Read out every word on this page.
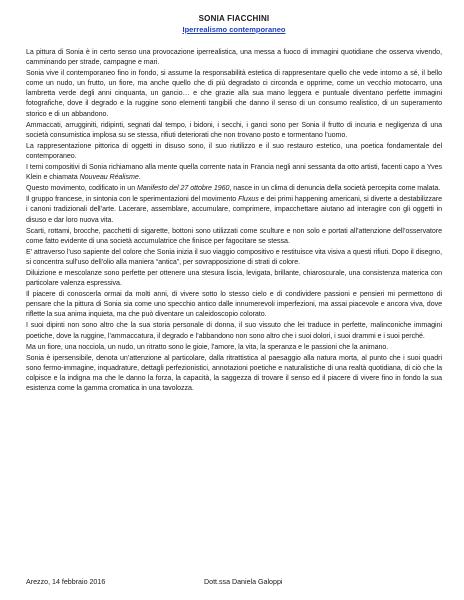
SONIA FIACCHINI
Iperrealismo contemporaneo

La pittura di Sonia è in certo senso una provocazione iperrealistica, una messa a fuoco di immagini quotidiane che osserva vivendo, camminando per strade, campagne e mari.

Sonia vive il contemporaneo fino in fondo, si assume la responsabilità estetica di rappresentare quello che vede intorno a sé, il bello come un nudo, un frutto, un fiore, ma anche quello che di più degradato ci circonda e opprime, come un vecchio motocarro, una lambretta verde degli anni cinquanta, un gancio… e che grazie alla sua mano leggera e puntuale diventano perfette immagini fotografiche, dove il degrado e la ruggine sono elementi tangibili che danno il senso di un consumo realistico, di un superamento storico e di un abbandono.

Ammaccati, arrugginiti, ridipinti, segnati dal tempo, i bidoni, i secchi, i ganci sono per Sonia il frutto di incuria e negligenza di una società consumistica implosa su se stessa, rifiuti deteriorati che non trovano posto e tormentano l’uomo.

La rappresentazione pittorica di oggetti in disuso sono, il suo riutilizzo e il suo restauro estetico, una poetica fondamentale del contemporaneo.

I temi compositivi di Sonia richiamano alla mente quella corrente nata in Francia negli anni sessanta da otto artisti, facenti capo a Yves Klein e chiamata Nouveau Réalisme.

Questo movimento, codificato in un Manifesto del 27 ottobre 1960, nasce in un clima di denuncia della società percepita come malata.

Il gruppo francese, in sintonia con le sperimentazioni del movimento Fluxus e dei primi happening americani, si diverte a destabilizzare i canoni tradizionali dell’arte. Lacerare, assemblare, accumulare, comprimere, impacchettare aiutano ad interagire con gli oggetti in disuso e dar loro nuova vita.

Scarti, rottami, brocche, pacchetti di sigarette, bottoni sono utilizzati come sculture e non solo e portati all’attenzione dell’osservatore come fatto evidente di una società accumulatrice che finisce per fagocitare se stessa.

E’ attraverso l’uso sapiente del colore che Sonia inizia il suo viaggio compositivo e restituisce vita visiva a questi rifiuti. Dopo il disegno, si concentra sull’uso dell’olio alla maniera “antica”, per sovrapposizione di strati di colore.

Diluizione e mescolanze sono perfette per ottenere una stesura liscia, levigata, brillante, chiaroscurale, una consistenza materica con particolare valenza espressiva.

Il piacere di conoscerla ormai da molti anni, di vivere sotto lo stesso cielo e di condividere passioni e pensieri mi permettono di pensare che la pittura di Sonia sia come uno specchio antico dalle innumerevoli imperfezioni, ma assai piacevole e ancora viva, dove riflette la sua anima inquieta, ma che può diventare un caleidoscopio colorato.

I suoi dipinti non sono altro che la sua storia personale di donna, il suo vissuto che lei traduce in perfette, malinconiche immagini poetiche, dove la ruggine, l’ammaccatura, il degrado e l’abbandono non sono altro che i suoi dolori, i suoi drammi e i suoi perché.

Ma un fiore, una nocciola, un nudo, un ritratto sono le gioie, l’amore, la vita, la speranza e le passioni che la animano.

Sonia è ipersensibile, denota un’attenzione al particolare, dalla ritrattistica al paesaggio alla natura morta, al punto che i suoi quadri sono fermo-immagine, inquadrature, dettagli perfezionistici, annotazioni poetiche e naturalistiche di una realtà quotidiana, di ciò che la colpisce e la indigna ma che le danno la forza, la capacità, la saggezza di trovare il senso ed il piacere di vivere fino in fondo la sua esistenza come la gamma cromatica in una tavolozza.

Arezzo, 14 febbraio 2016	Dott.ssa Daniela Galoppi
